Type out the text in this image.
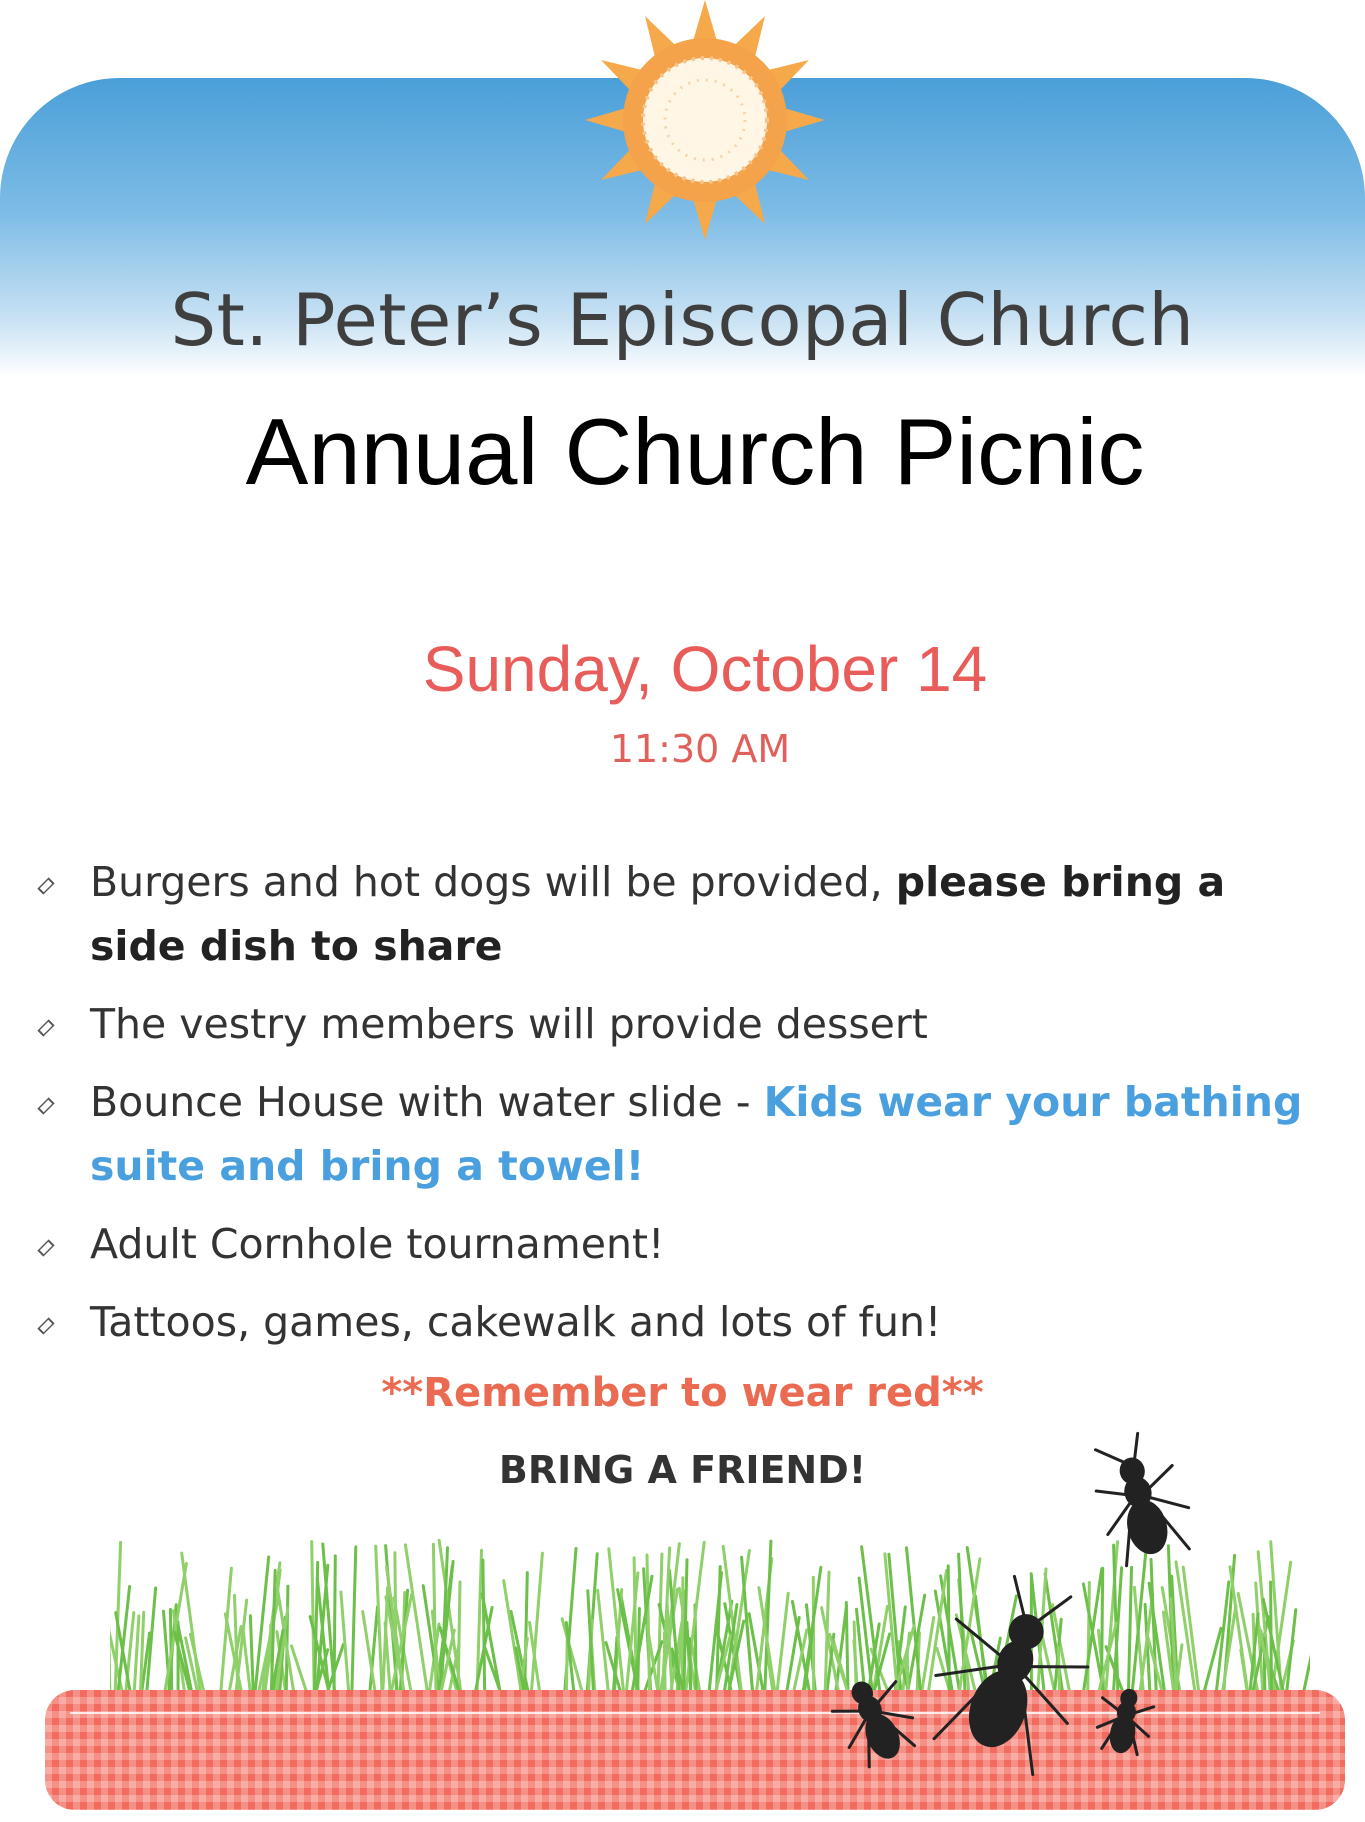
St. Peter’s Episcopal Church
Annual Church Picnic
Sunday, October 14
11:30 AM
Burgers and hot dogs will be provided, please bring a side dish to share
The vestry members will provide dessert
Bounce House with water slide - Kids wear your bathing suite and bring a towel!
Adult Cornhole tournament!
Tattoos, games, cakewalk and lots of fun!
**Remember to wear red**
BRING A FRIEND!
